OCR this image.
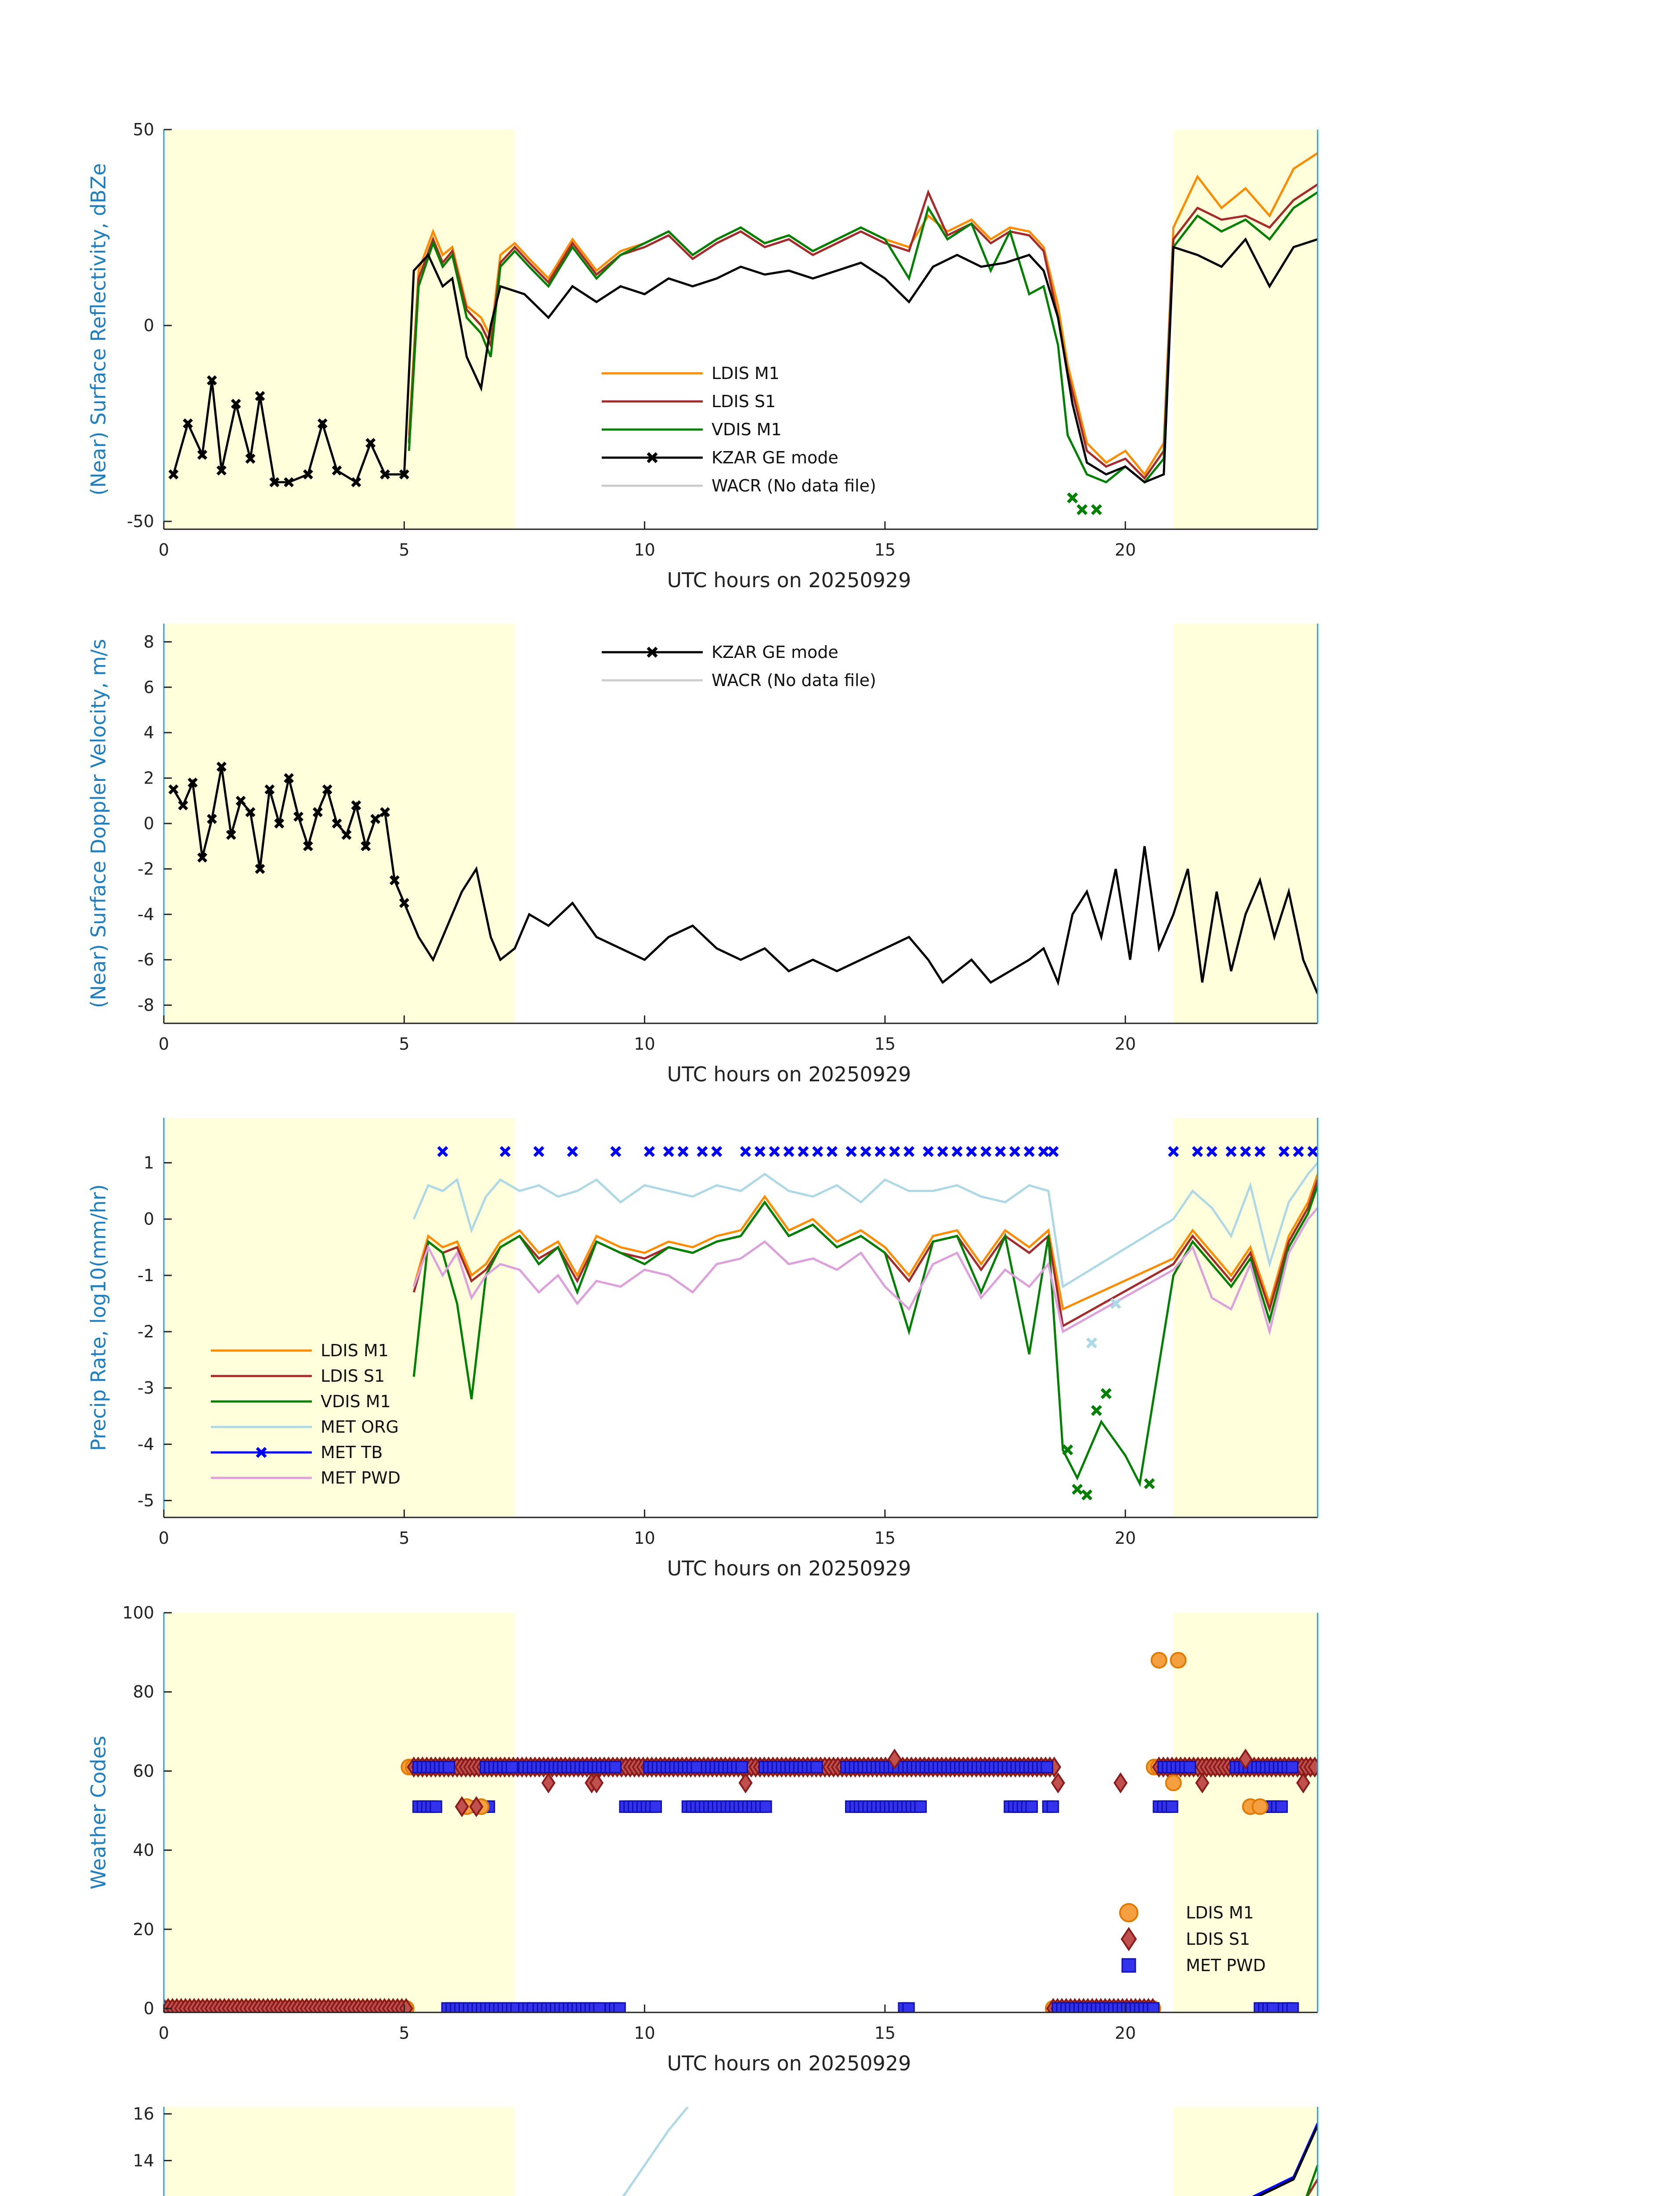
0	5	10	15	20
-50
0
50
UTC hours on 20250929
(Near) Surface Reflectivity, dBZe	LDIS M1
LDIS S1
VDIS M1
KZAR GE mode
WACR (No data file)
0	5	10	15	20
-8
-6
-4
-2
0
2
4
6
8
UTC hours on 20250929
(Near) Surface Doppler Velocity, m/s	KZAR GE mode
WACR (No data file)
0	5	10	15	20
-5
-4
-3
-2
-1
0
1
UTC hours on 20250929
Precip Rate, log10(mm/hr)	LDIS M1
LDIS S1
VDIS M1
MET ORG
MET TB
MET PWD
0	5	10	15	20
0
20
40
60
80
100
UTC hours on 20250929
Weather Codes
LDIS M1
LDIS S1
MET PWD
14
16
